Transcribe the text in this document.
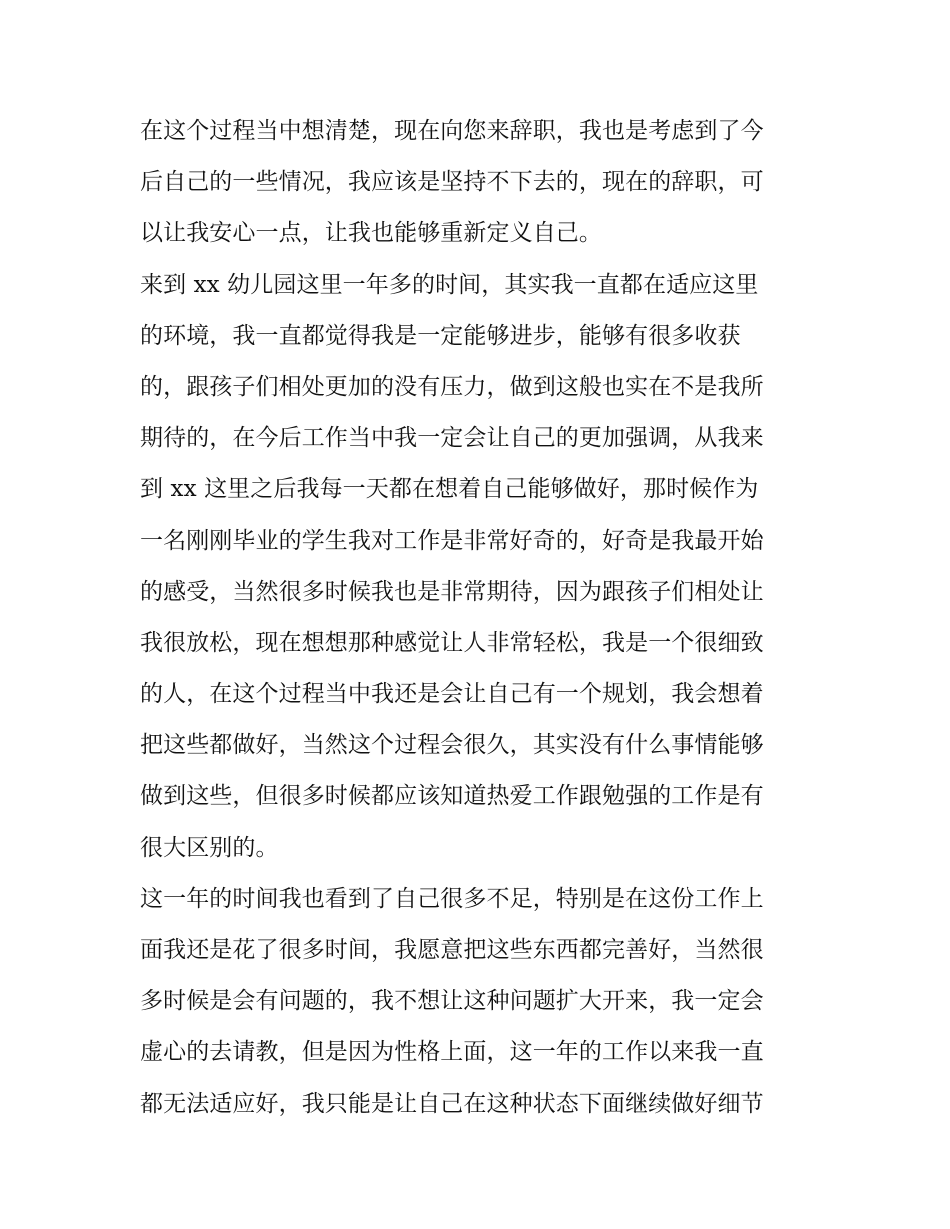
在这个过程当中想清楚，现在向您来辞职，我也是考虑到了今
后自己的一些情况，我应该是坚持不下去的，现在的辞职，可
以让我安心一点，让我也能够重新定义自己。
来到 xx 幼儿园这里一年多的时间，其实我一直都在适应这里
的环境，我一直都觉得我是一定能够进步，能够有很多收获
的，跟孩子们相处更加的没有压力，做到这般也实在不是我所
期待的，在今后工作当中我一定会让自己的更加强调，从我来
到 xx 这里之后我每一天都在想着自己能够做好，那时候作为
一名刚刚毕业的学生我对工作是非常好奇的，好奇是我最开始
的感受，当然很多时候我也是非常期待，因为跟孩子们相处让
我很放松，现在想想那种感觉让人非常轻松，我是一个很细致
的人，在这个过程当中我还是会让自己有一个规划，我会想着
把这些都做好，当然这个过程会很久，其实没有什么事情能够
做到这些，但很多时候都应该知道热爱工作跟勉强的工作是有
很大区别的。
这一年的时间我也看到了自己很多不足，特别是在这份工作上
面我还是花了很多时间，我愿意把这些东西都完善好，当然很
多时候是会有问题的，我不想让这种问题扩大开来，我一定会
虚心的去请教，但是因为性格上面，这一年的工作以来我一直
都无法适应好，我只能是让自己在这种状态下面继续做好细节
